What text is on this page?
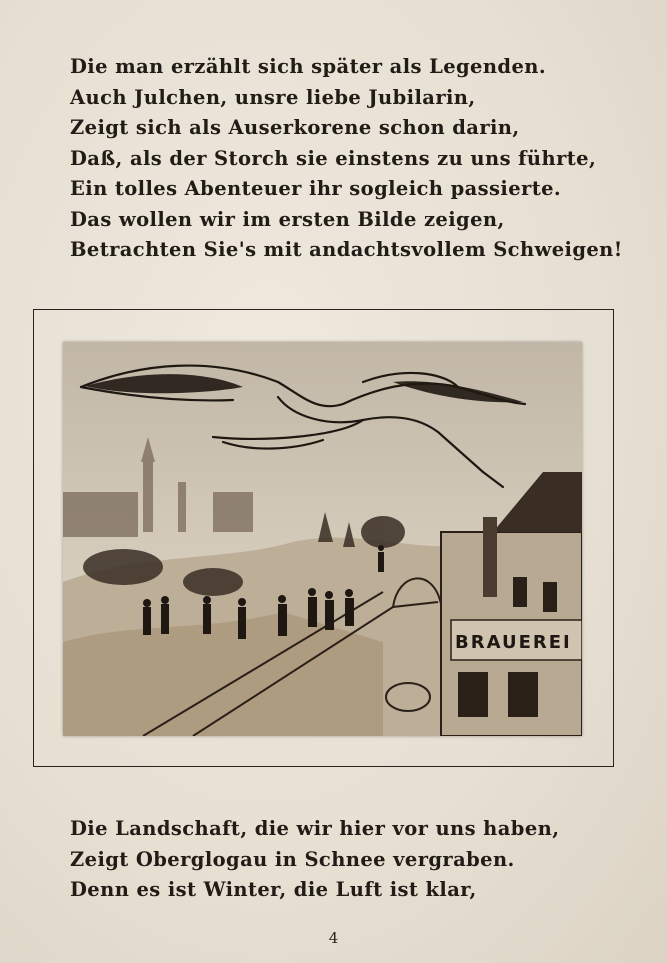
Die man erzählt sich später als Legenden.
Auch Julchen, unsre liebe Jubilarin,
Zeigt sich als Auserkorene schon darin,
Daß, als der Storch sie einstens zu uns führte,
Ein tolles Abenteuer ihr sogleich passierte.
Das wollen wir im ersten Bilde zeigen,
Betrachten Sie's mit andachtsvollem Schweigen!
BRAUEREI
Die Landschaft, die wir hier vor uns haben,
Zeigt Oberglogau in Schnee vergraben.
Denn es ist Winter, die Luft ist klar,
4
